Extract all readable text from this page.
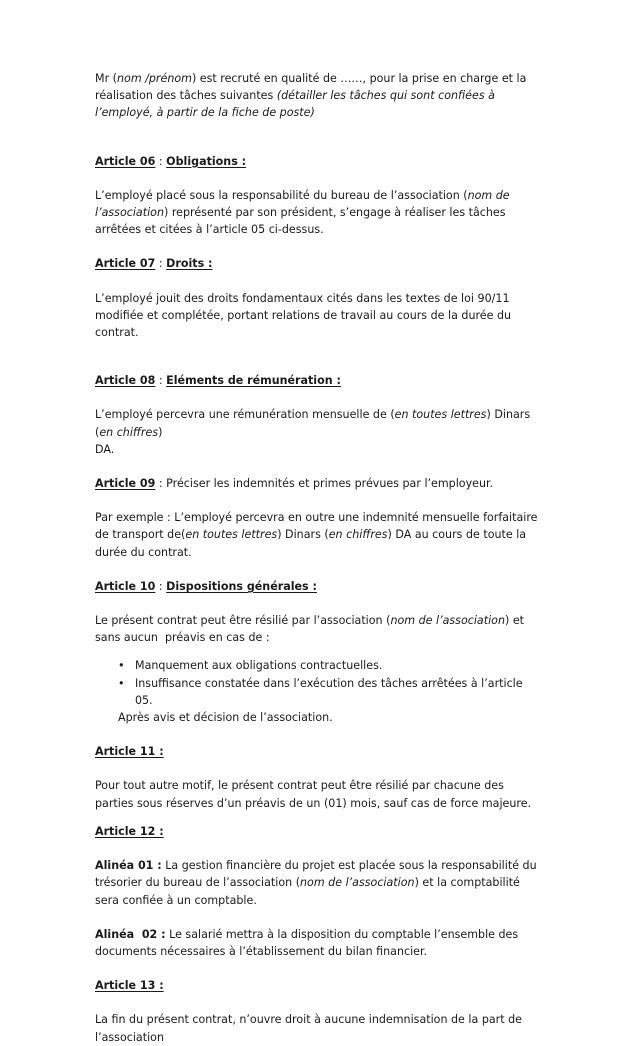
Mr (nom /prénom) est recruté en qualité de ……, pour la prise en charge et la réalisation des tâches suivantes (détailler les tâches qui sont confiées à l’employé, à partir de la fiche de poste)

Article 06 : Obligations :

L’employé placé sous la responsabilité du bureau de l’association (nom de l’association) représenté par son président, s’engage à réaliser les tâches arrêtées et citées à l’article 05 ci-dessus.

Article 07 : Droits :

L’employé jouit des droits fondamentaux cités dans les textes de loi 90/11 modifiée et complétée, portant relations de travail au cours de la durée du contrat.

Article 08 : Eléments de rémunération :

L’employé percevra une rémunération mensuelle de (en toutes lettres) Dinars (en chiffres)

DA.

Article 09 : Préciser les indemnités et primes prévues par l’employeur.

Par exemple : L’employé percevra en outre une indemnité mensuelle forfaitaire de transport de(en toutes lettres) Dinars (en chiffres) DA au cours de toute la durée du contrat.

Article 10 : Dispositions générales :

Le présent contrat peut être résilié par l’association (nom de l’association) et sans aucun  préavis en cas de :

• Manquement aux obligations contractuelles.
• Insuffisance constatée dans l’exécution des tâches arrêtées à l’article 05.

Après avis et décision de l’association.

Article 11 :

Pour tout autre motif, le présent contrat peut être résilié par chacune des parties sous réserves d’un préavis de un (01) mois, sauf cas de force majeure.

Article 12 :

Alinéa 01 : La gestion financière du projet est placée sous la responsabilité du trésorier du bureau de l’association (nom de l’association) et la comptabilité sera confiée à un comptable.

Alinéa  02 : Le salarié mettra à la disposition du comptable l’ensemble des documents nécessaires à l’établissement du bilan financier.

Article 13 :

La fin du présent contrat, n’ouvre droit à aucune indemnisation de la part de l’association
